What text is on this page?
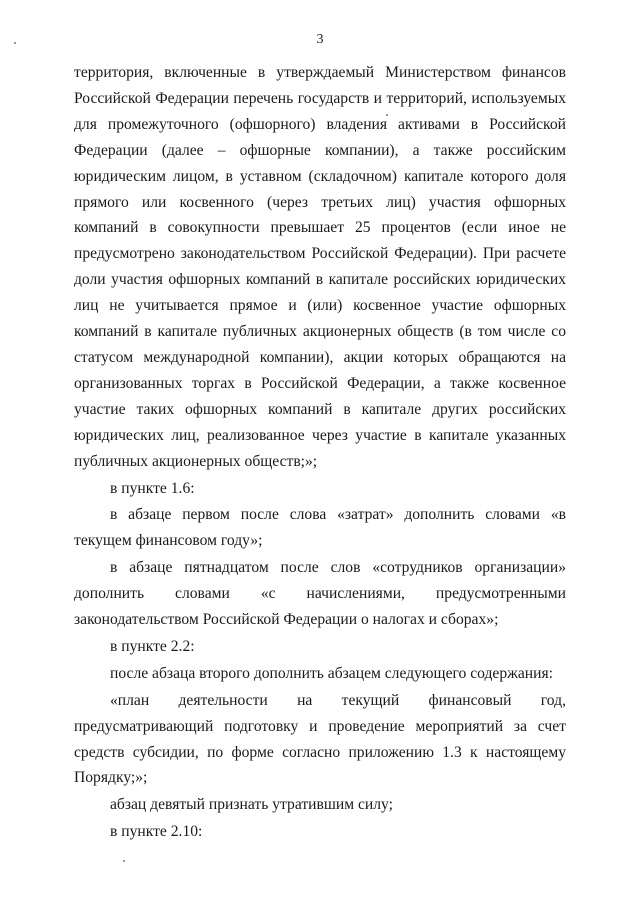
3

территория, включенные в утверждаемый Министерством финансов Российской Федерации перечень государств и территорий, используемых для промежуточного (офшорного) владения активами в Российской Федерации (далее – офшорные компании), а также российским юридическим лицом, в уставном (складочном) капитале которого доля прямого или косвенного (через третьих лиц) участия офшорных компаний в совокупности превышает 25 процентов (если иное не предусмотрено законодательством Российской Федерации). При расчете доли участия офшорных компаний в капитале российских юридических лиц не учитывается прямое и (или) косвенное участие офшорных компаний в капитале публичных акционерных обществ (в том числе со статусом международной компании), акции которых обращаются на организованных торгах в Российской Федерации, а также косвенное участие таких офшорных компаний в капитале других российских юридических лиц, реализованное через участие в капитале указанных публичных акционерных обществ;»;

в пункте 1.6:

в абзаце первом после слова «затрат» дополнить словами «в текущем финансовом году»;

в абзаце пятнадцатом после слов «сотрудников организации» дополнить словами «с начислениями, предусмотренными законодательством Российской Федерации о налогах и сборах»;

в пункте 2.2:

после абзаца второго дополнить абзацем следующего содержания:

«план деятельности на текущий финансовый год, предусматривающий подготовку и проведение мероприятий за счет средств субсидии, по форме согласно приложению 1.3 к настоящему Порядку;»;

абзац девятый признать утратившим силу;

в пункте 2.10:
